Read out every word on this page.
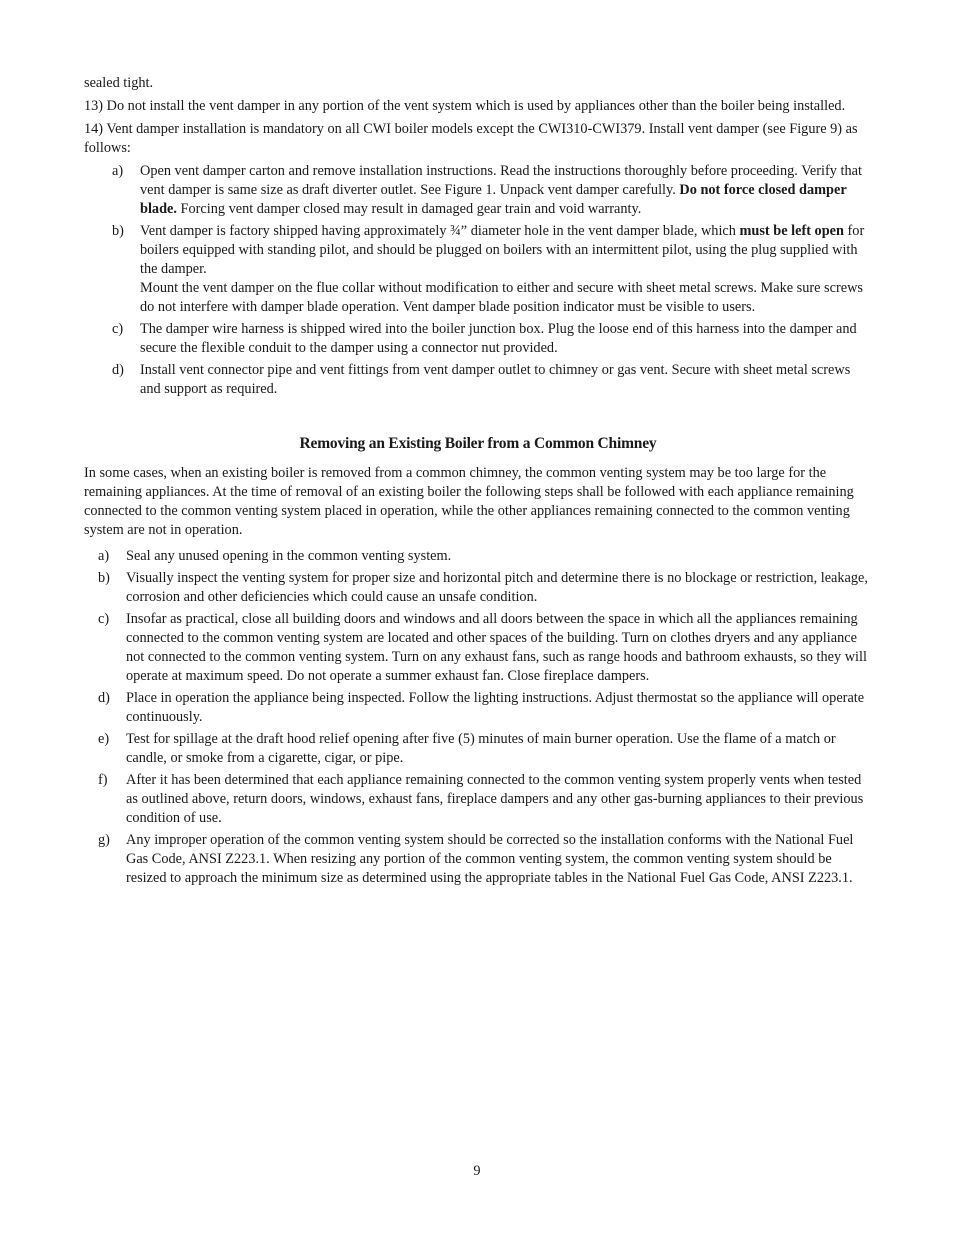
sealed tight.

13) Do not install the vent damper in any portion of the vent system which is used by appliances other than the boiler being installed.

14) Vent damper installation is mandatory on all CWI boiler models except the CWI310-CWI379. Install vent damper (see Figure 9) as follows:

a) Open vent damper carton and remove installation instructions. Read the instructions thoroughly before proceeding. Verify that vent damper is same size as draft diverter outlet. See Figure 1. Unpack vent damper carefully. Do not force closed damper blade. Forcing vent damper closed may result in damaged gear train and void warranty.
b) Vent damper is factory shipped having approximately ¾” diameter hole in the vent damper blade, which must be left open for boilers equipped with standing pilot, and should be plugged on boilers with an intermittent pilot, using the plug supplied with the damper.

Mount the vent damper on the flue collar without modification to either and secure with sheet metal screws. Make sure screws do not interfere with damper blade operation. Vent damper blade position indicator must be visible to users.

c) The damper wire harness is shipped wired into the boiler junction box. Plug the loose end of this harness into the damper and secure the flexible conduit to the damper using a connector nut provided.
d) Install vent connector pipe and vent fittings from vent damper outlet to chimney or gas vent. Secure with sheet metal screws and support as required.
Removing an Existing Boiler from a Common Chimney

In some cases, when an existing boiler is removed from a common chimney, the common venting system may be too large for the remaining appliances. At the time of removal of an existing boiler the following steps shall be followed with each appliance remaining connected to the common venting system placed in operation, while the other appliances remaining connected to the common venting system are not in operation.

a) Seal any unused opening in the common venting system.
b) Visually inspect the venting system for proper size and horizontal pitch and determine there is no blockage or restriction, leakage, corrosion and other deficiencies which could cause an unsafe condition.
c) Insofar as practical, close all building doors and windows and all doors between the space in which all the appliances remaining connected to the common venting system are located and other spaces of the building. Turn on clothes dryers and any appliance not connected to the common venting system. Turn on any exhaust fans, such as range hoods and bathroom exhausts, so they will operate at maximum speed. Do not operate a summer exhaust fan. Close fireplace dampers.
d) Place in operation the appliance being inspected. Follow the lighting instructions. Adjust thermostat so the appliance will operate continuously.
e) Test for spillage at the draft hood relief opening after five (5) minutes of main burner operation. Use the flame of a match or candle, or smoke from a cigarette, cigar, or pipe.
f) After it has been determined that each appliance remaining connected to the common venting system properly vents when tested as outlined above, return doors, windows, exhaust fans, fireplace dampers and any other gas-burning appliances to their previous condition of use.
g) Any improper operation of the common venting system should be corrected so the installation conforms with the National Fuel Gas Code, ANSI Z223.1. When resizing any portion of the common venting system, the common venting system should be resized to approach the minimum size as determined using the appropriate tables in the National Fuel Gas Code, ANSI Z223.1.
9
